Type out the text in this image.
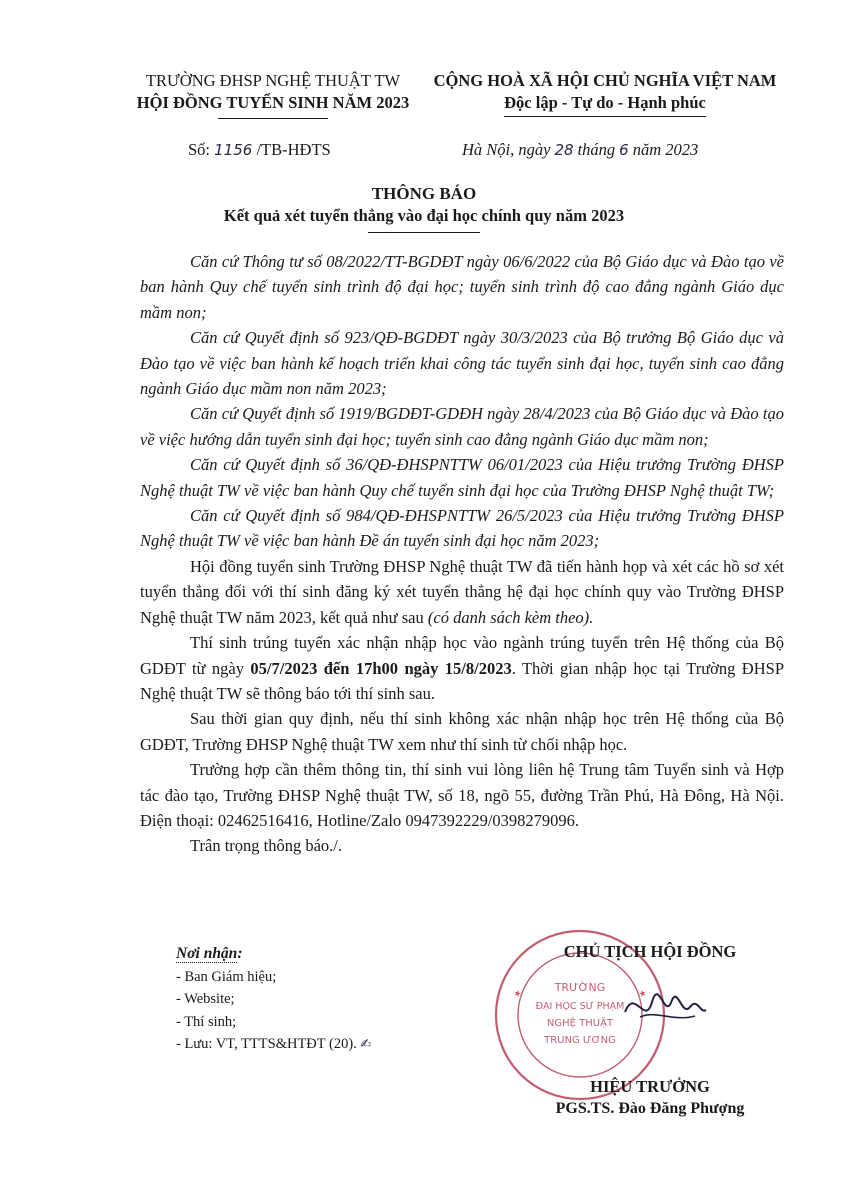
TRƯỜNG ĐHSP NGHỆ THUẬT TW
HỘI ĐỒNG TUYỂN SINH NĂM 2023
CỘNG HOÀ XÃ HỘI CHỦ NGHĨA VIỆT NAM
Độc lập - Tự do - Hạnh phúc
Số: 1156 /TB-HĐTS	Hà Nội, ngày 28 tháng 6 năm 2023
THÔNG BÁO
Kết quả xét tuyển thẳng vào đại học chính quy năm 2023

Căn cứ Thông tư số 08/2022/TT-BGDĐT ngày 06/6/2022 của Bộ Giáo dục và Đào tạo về ban hành Quy chế tuyển sinh trình độ đại học; tuyển sinh trình độ cao đẳng ngành Giáo dục mầm non;

Căn cứ Quyết định số 923/QĐ-BGDĐT ngày 30/3/2023 của Bộ trưởng Bộ Giáo dục và Đào tạo về việc ban hành kế hoạch triển khai công tác tuyển sinh đại học, tuyển sinh cao đẳng ngành Giáo dục mầm non năm 2023;

Căn cứ Quyết định số 1919/BGDĐT-GDĐH ngày 28/4/2023 của Bộ Giáo dục và Đào tạo về việc hướng dẫn tuyển sinh đại học; tuyển sinh cao đẳng ngành Giáo dục mầm non;

Căn cứ Quyết định số 36/QĐ-ĐHSPNTTW 06/01/2023 của Hiệu trưởng Trường ĐHSP Nghệ thuật TW về việc ban hành Quy chế tuyển sinh đại học của Trường ĐHSP Nghệ thuật TW;

Căn cứ Quyết định số 984/QĐ-ĐHSPNTTW 26/5/2023 của Hiệu trưởng Trường ĐHSP Nghệ thuật TW về việc ban hành Đề án tuyển sinh đại học năm 2023;

Hội đồng tuyển sinh Trường ĐHSP Nghệ thuật TW đã tiến hành họp và xét các hồ sơ xét tuyển thẳng đối với thí sinh đăng ký xét tuyển thẳng hệ đại học chính quy vào Trường ĐHSP Nghệ thuật TW năm 2023, kết quả như sau (có danh sách kèm theo).

Thí sinh trúng tuyển xác nhận nhập học vào ngành trúng tuyển trên Hệ thống của Bộ GDĐT từ ngày 05/7/2023 đến 17h00 ngày 15/8/2023. Thời gian nhập học tại Trường ĐHSP Nghệ thuật TW sẽ thông báo tới thí sinh sau.

Sau thời gian quy định, nếu thí sinh không xác nhận nhập học trên Hệ thống của Bộ GDĐT, Trường ĐHSP Nghệ thuật TW xem như thí sinh từ chối nhập học.

Trường hợp cần thêm thông tin, thí sinh vui lòng liên hệ Trung tâm Tuyển sinh và Hợp tác đào tạo, Trường ĐHSP Nghệ thuật TW, số 18, ngõ 55, đường Trần Phú, Hà Đông, Hà Nội. Điện thoại: 02462516416, Hotline/Zalo 0947392229/0398279096.

Trân trọng thông báo./.

Nơi nhận:
- Ban Giám hiệu;
- Website;
- Thí sinh;
- Lưu: VT, TTTS&HTĐT (20). ✍
TRƯỜNG
ĐẠI HỌC SƯ PHẠM
NGHỆ THUẬT
TRUNG ƯƠNG
★	★
CHỦ TỊCH HỘI ĐỒNG
HIỆU TRƯỞNG
PGS.TS. Đào Đăng Phượng
